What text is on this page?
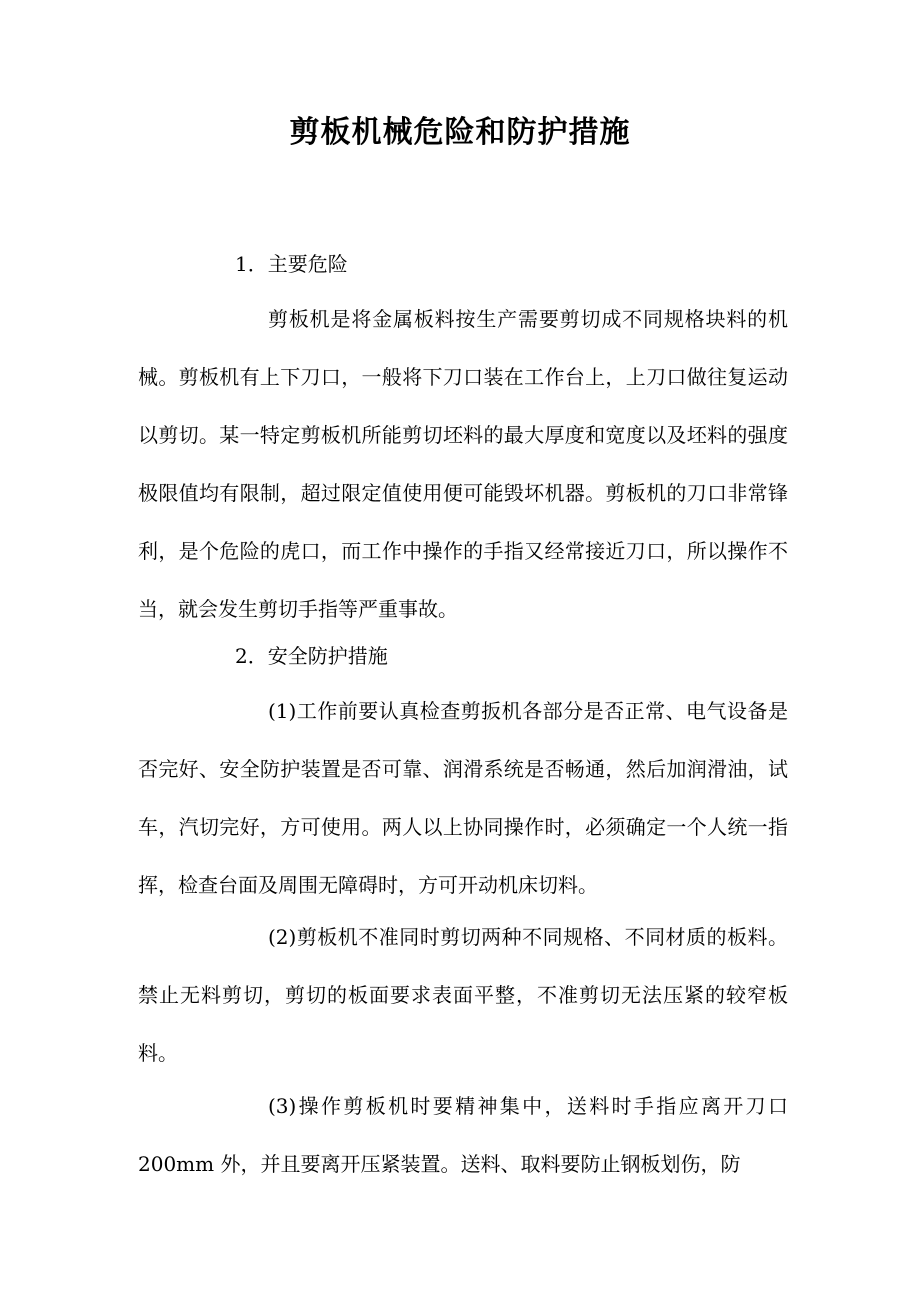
剪板机械危险和防护措施

1．主要危险

剪板机是将金属板料按生产需要剪切成不同规格块料的机械。剪板机有上下刀口，一般将下刀口装在工作台上，上刀口做往复运动以剪切。某一特定剪板机所能剪切坯料的最大厚度和宽度以及坯料的强度极限值均有限制，超过限定值使用便可能毁坏机器。剪板机的刀口非常锋利，是个危险的虎口，而工作中操作的手指又经常接近刀口，所以操作不当，就会发生剪切手指等严重事故。

2．安全防护措施

(1)工作前要认真检查剪扳机各部分是否正常、电气设备是否完好、安全防护装置是否可靠、润滑系统是否畅通，然后加润滑油，试车，汽切完好，方可使用。两人以上协同操作时，必须确定一个人统一指挥，检查台面及周围无障碍时，方可开动机床切料。

(2)剪板机不准同时剪切两种不同规格、不同材质的板料。禁止无料剪切，剪切的板面要求表面平整，不准剪切无法压紧的较窄板料。

(3)操作剪板机时要精神集中，送料时手指应离开刀口200mm 外，并且要离开压紧装置。送料、取料要防止钢板划伤，防
